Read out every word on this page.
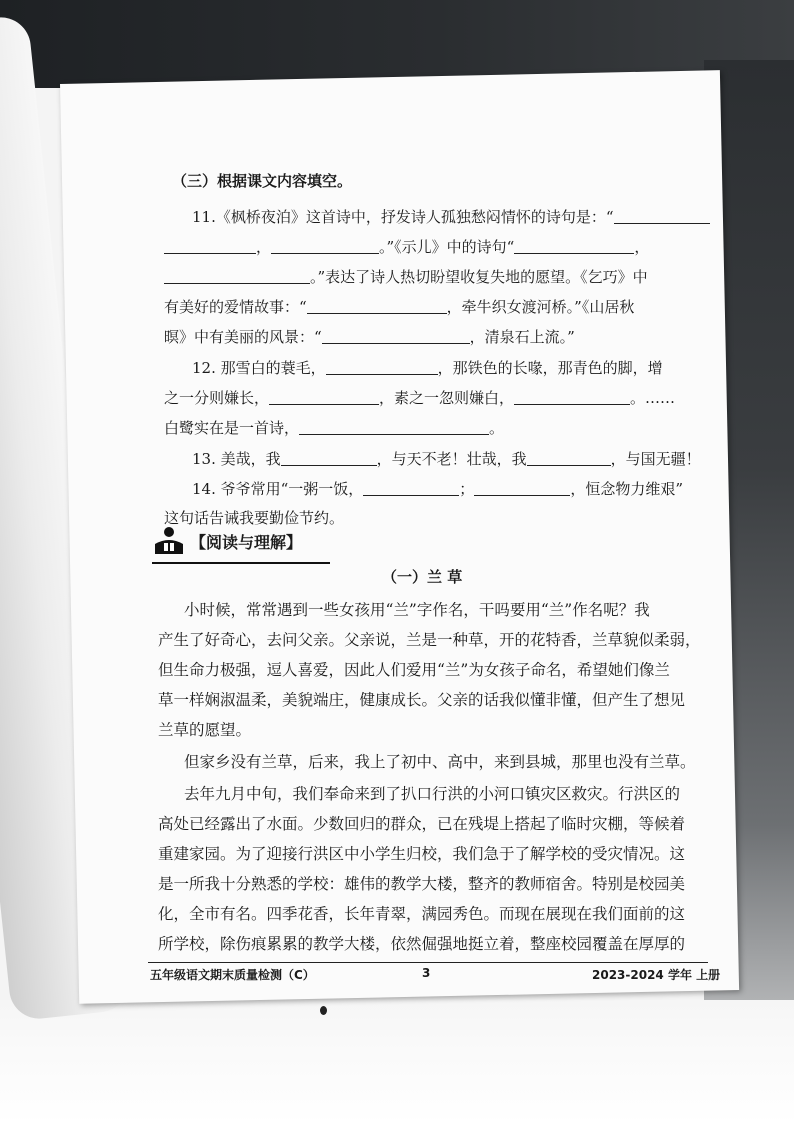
（三）根据课文内容填空。
11.《枫桥夜泊》这首诗中，抒发诗人孤独愁闷情怀的诗句是：“
，	。”《示儿》中的诗句“	，
。”表达了诗人热切盼望收复失地的愿望。《乞巧》中
有美好的爱情故事：“	，牵牛织女渡河桥。”《山居秋
暝》中有美丽的风景：“	，清泉石上流。”
12. 那雪白的蓑毛，	，那铁色的长喙，那青色的脚，增
之一分则嫌长，	，素之一忽则嫌白，	。……
白鹭实在是一首诗，	。
13. 美哉，我	，与天不老！壮哉，我	，与国无疆！
14. 爷爷常用“一粥一饭，	；	，恒念物力维艰”
这句话告诫我要勤俭节约。
【阅读与理解】
（一）兰 草
小时候，常常遇到一些女孩用“兰”字作名，干吗要用“兰”作名呢？我
产生了好奇心，去问父亲。父亲说，兰是一种草，开的花特香，兰草貌似柔弱，
但生命力极强，逗人喜爱，因此人们爱用“兰”为女孩子命名，希望她们像兰
草一样娴淑温柔，美貌端庄，健康成长。父亲的话我似懂非懂，但产生了想见
兰草的愿望。
但家乡没有兰草，后来，我上了初中、高中，来到县城，那里也没有兰草。
去年九月中旬，我们奉命来到了扒口行洪的小河口镇灾区救灾。行洪区的
高处已经露出了水面。少数回归的群众，已在残堤上搭起了临时灾棚，等候着
重建家园。为了迎接行洪区中小学生归校，我们急于了解学校的受灾情况。这
是一所我十分熟悉的学校：雄伟的教学大楼，整齐的教师宿舍。特别是校园美
化，全市有名。四季花香，长年青翠，满园秀色。而现在展现在我们面前的这
所学校，除伤痕累累的教学大楼，依然倔强地挺立着，整座校园覆盖在厚厚的
五年级语文期末质量检测（C）	3	2023-2024 学年 上册
